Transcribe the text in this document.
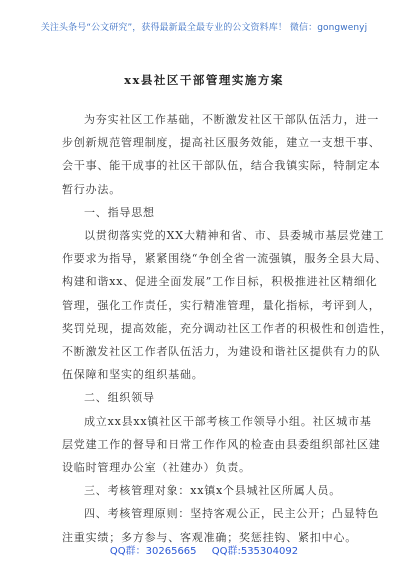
关注头条号“公文研究”，获得最新最全最专业的公文资料库！ 微信：gongwenyj
xx县社区干部管理实施方案

为夯实社区工作基础，不断激发社区干部队伍活力，进一
步创新规范管理制度，提高社区服务效能，建立一支想干事、
会干事、能干成事的社区干部队伍，结合我镇实际，特制定本
暂行办法。

一、指导思想

以贯彻落实党的XX大精神和省、市、县委城市基层党建工
作要求为指导，紧紧围绕“争创全省一流强镇，服务全县大局、
构建和谐xx、促进全面发展”工作目标，积极推进社区精细化
管理，强化工作责任，实行精准管理，量化指标，考评到人，
奖罚兑现，提高效能，充分调动社区工作者的积极性和创造性，
不断激发社区工作者队伍活力，为建设和谐社区提供有力的队
伍保障和坚实的组织基础。

二、组织领导

成立xx县xx镇社区干部考核工作领导小组。社区城市基
层党建工作的督导和日常工作作风的检查由县委组织部社区建
设临时管理办公室（社建办）负责。

三、考核管理对象：xx镇x个县城社区所属人员。

四、考核管理原则：坚持客观公正，民主公开；凸显特色
注重实绩；多方参与、客观准确；奖惩挂钩、紧扣中心。

QQ群：30265665 QQ群:535304092
